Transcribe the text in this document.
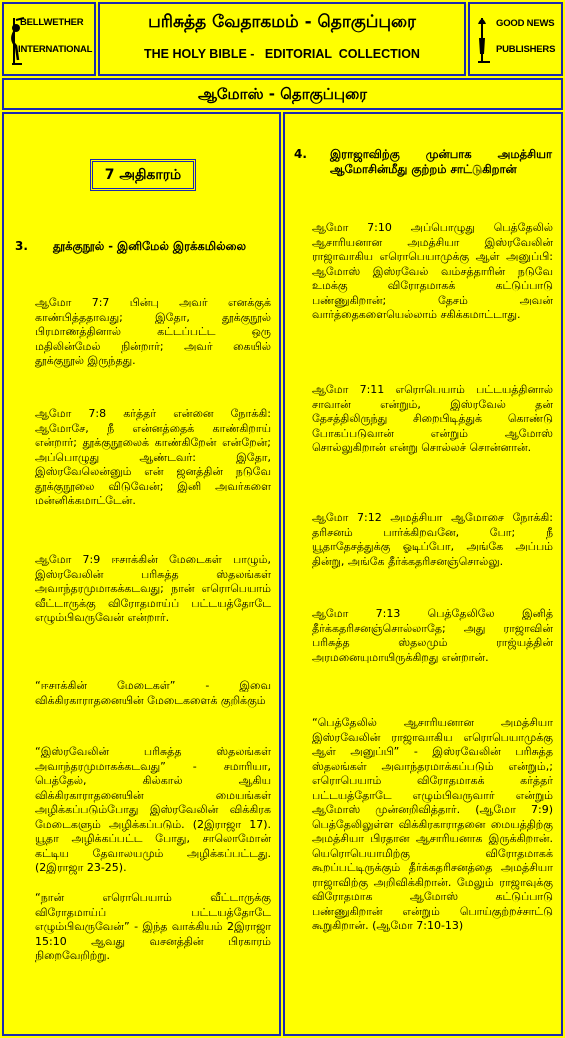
BELLWETHER
INTERNATIONAL
பரிசுத்த வேதாகமம் - தொகுப்புரை
THE HOLY BIBLE -   EDITORIAL  COLLECTION
GOOD NEWS
PUBLISHERS
ஆமோஸ் - தொகுப்புரை
7 அதிகாரம்
3. தூக்குநூல் - இனிமேல் இரக்கமில்லை
ஆமோ 7:7 பின்பு அவர் எனக்குக் காண்பித்ததாவது; இதோ, தூக்குநூல் பிரமாணத்தினால் கட்டப்பட்ட ஒரு மதிலின்மேல் நின்றார்; அவர் கையில் தூக்குநூல் இருந்தது.
ஆமோ 7:8 கர்த்தர் என்னை நோக்கி: ஆமோசே, நீ என்னத்தைக் காண்கிறாய் என்றார்; தூக்குநூலைக் காண்கிறேன் என்றேன்; அப்பொழுது ஆண்டவர்: இதோ, இஸ்ரவேலென்னும் என் ஜனத்தின் நடுவே தூக்குநூலை விடுவேன்; இனி அவர்களை மன்னிக்கமாட்டேன்.
ஆமோ 7:9 ஈசாக்கின் மேடைகள் பாழும், இஸ்ரவேலின் பரிசுத்த ஸ்தலங்கள் அவாந்தரமுமாகக்கடவது; நான் எரொபெயாம் வீட்டாருக்கு விரோதமாய்ப் பட்டயத்தோடே எழும்பிவருவேன் என்றார்.
“ஈசாக்கின் மேடைகள்” - இவை விக்கிரகாராதனையின் மேடைகளைக் குறிக்கும்
“இஸ்ரவேலின் பரிசுத்த ஸ்தலங்கள் அவாந்தரமுமாகக்கடவது” - சமாரியா, பெத்தேல், கில்கால் ஆகிய விக்கிரகாராதனையின் மையங்கள் அழிக்கப்படும்போது இஸ்ரவேலின் விக்கிரக மேடைகளும் அழிக்கப்படும். (2இராஜா 17). யூதா அழிக்கப்பட்ட போது, சாலொமோன் கட்டிய தேவாலயமும் அழிக்கப்பட்டது. (2இராஜா 23-25).
“நான் எரொபெயாம் வீட்டாருக்கு விரோதமாய்ப் பட்டயத்தோடே எழும்பிவருவேன்” - இந்த வாக்கியம் 2இராஜா 15:10 ஆவது வசனத்தின் பிரகாரம் நிறைவேறிற்று.
4. இராஜாவிற்கு முன்பாக அமத்சியா ஆமோசின்மீது குற்றம் சாட்டுகிறான்
ஆமோ 7:10 அப்பொழுது பெத்தேலில் ஆசாரியனான அமத்சியா இஸ்ரவேலின் ராஜாவாகிய எரொபெயாமுக்கு ஆள் அனுப்பி: ஆமோஸ் இஸ்ரவேல் வம்சத்தாரின் நடுவே உமக்கு விரோதமாகக் கட்டுப்பாடு பண்ணுகிறான்; தேசம் அவன் வார்த்தைகளையெல்லாம் சகிக்கமாட்டாது.
ஆமோ 7:11 எரொபெயாம் பட்டயத்தினால் சாவான் என்றும், இஸ்ரவேல் தன் தேசத்திலிருந்து சிறைபிடித்துக் கொண்டு போகப்படுவான் என்றும் ஆமோஸ் சொல்லுகிறான் என்று சொல்லச் சொன்னான்.
ஆமோ 7:12 அமத்சியா ஆமோசை நோக்கி: தரிசனம் பார்க்கிறவனே, போ; நீ யூதாதேசத்துக்கு ஓடிப்போ, அங்கே அப்பம் தின்று, அங்கே தீர்க்கதரிசனஞ்சொல்லு.
ஆமோ 7:13 பெத்தேலிலே இனித் தீர்க்கதரிசனஞ்சொல்லாதே; அது ராஜாவின் பரிசுத்த ஸ்தலமும் ராஜ்யத்தின் அரமனையுமாயிருக்கிறது என்றான்.
“பெத்தேலில் ஆசாரியனான அமத்சியா இஸ்ரவேலின் ராஜாவாகிய எரொபெயாமுக்கு ஆள் அனுப்பி” - இஸ்ரவேலின் பரிசுத்த ஸ்தலங்கள் அவாந்தரமாக்கப்படும் என்றும்,; எரொபெயாம் விரோதமாகக் கர்த்தர் பட்டயத்தோடே எழும்பிவருவார் என்றும் ஆமோஸ் முன்னறிவித்தார். (ஆமோ 7:9) பெத்தேலிலுள்ள விக்கிரகாராதனை மையத்திற்கு அமத்சியா பிரதான ஆசாரியனாக இருக்கிறான். யெரொபெயாமிற்கு விரோதமாகக் கூறப்பட்டிருக்கும் தீர்க்கதரிசனத்தை அமத்சியா ராஜாவிற்கு அறிவிக்கிறான். மேலும் ராஜாவுக்கு விரோதமாக ஆமோஸ் கட்டுப்பாடு பண்ணுகிறான் என்றும் பொய்குற்றச்சாட்டு கூறுகிறான். (ஆமோ 7:10-13)
